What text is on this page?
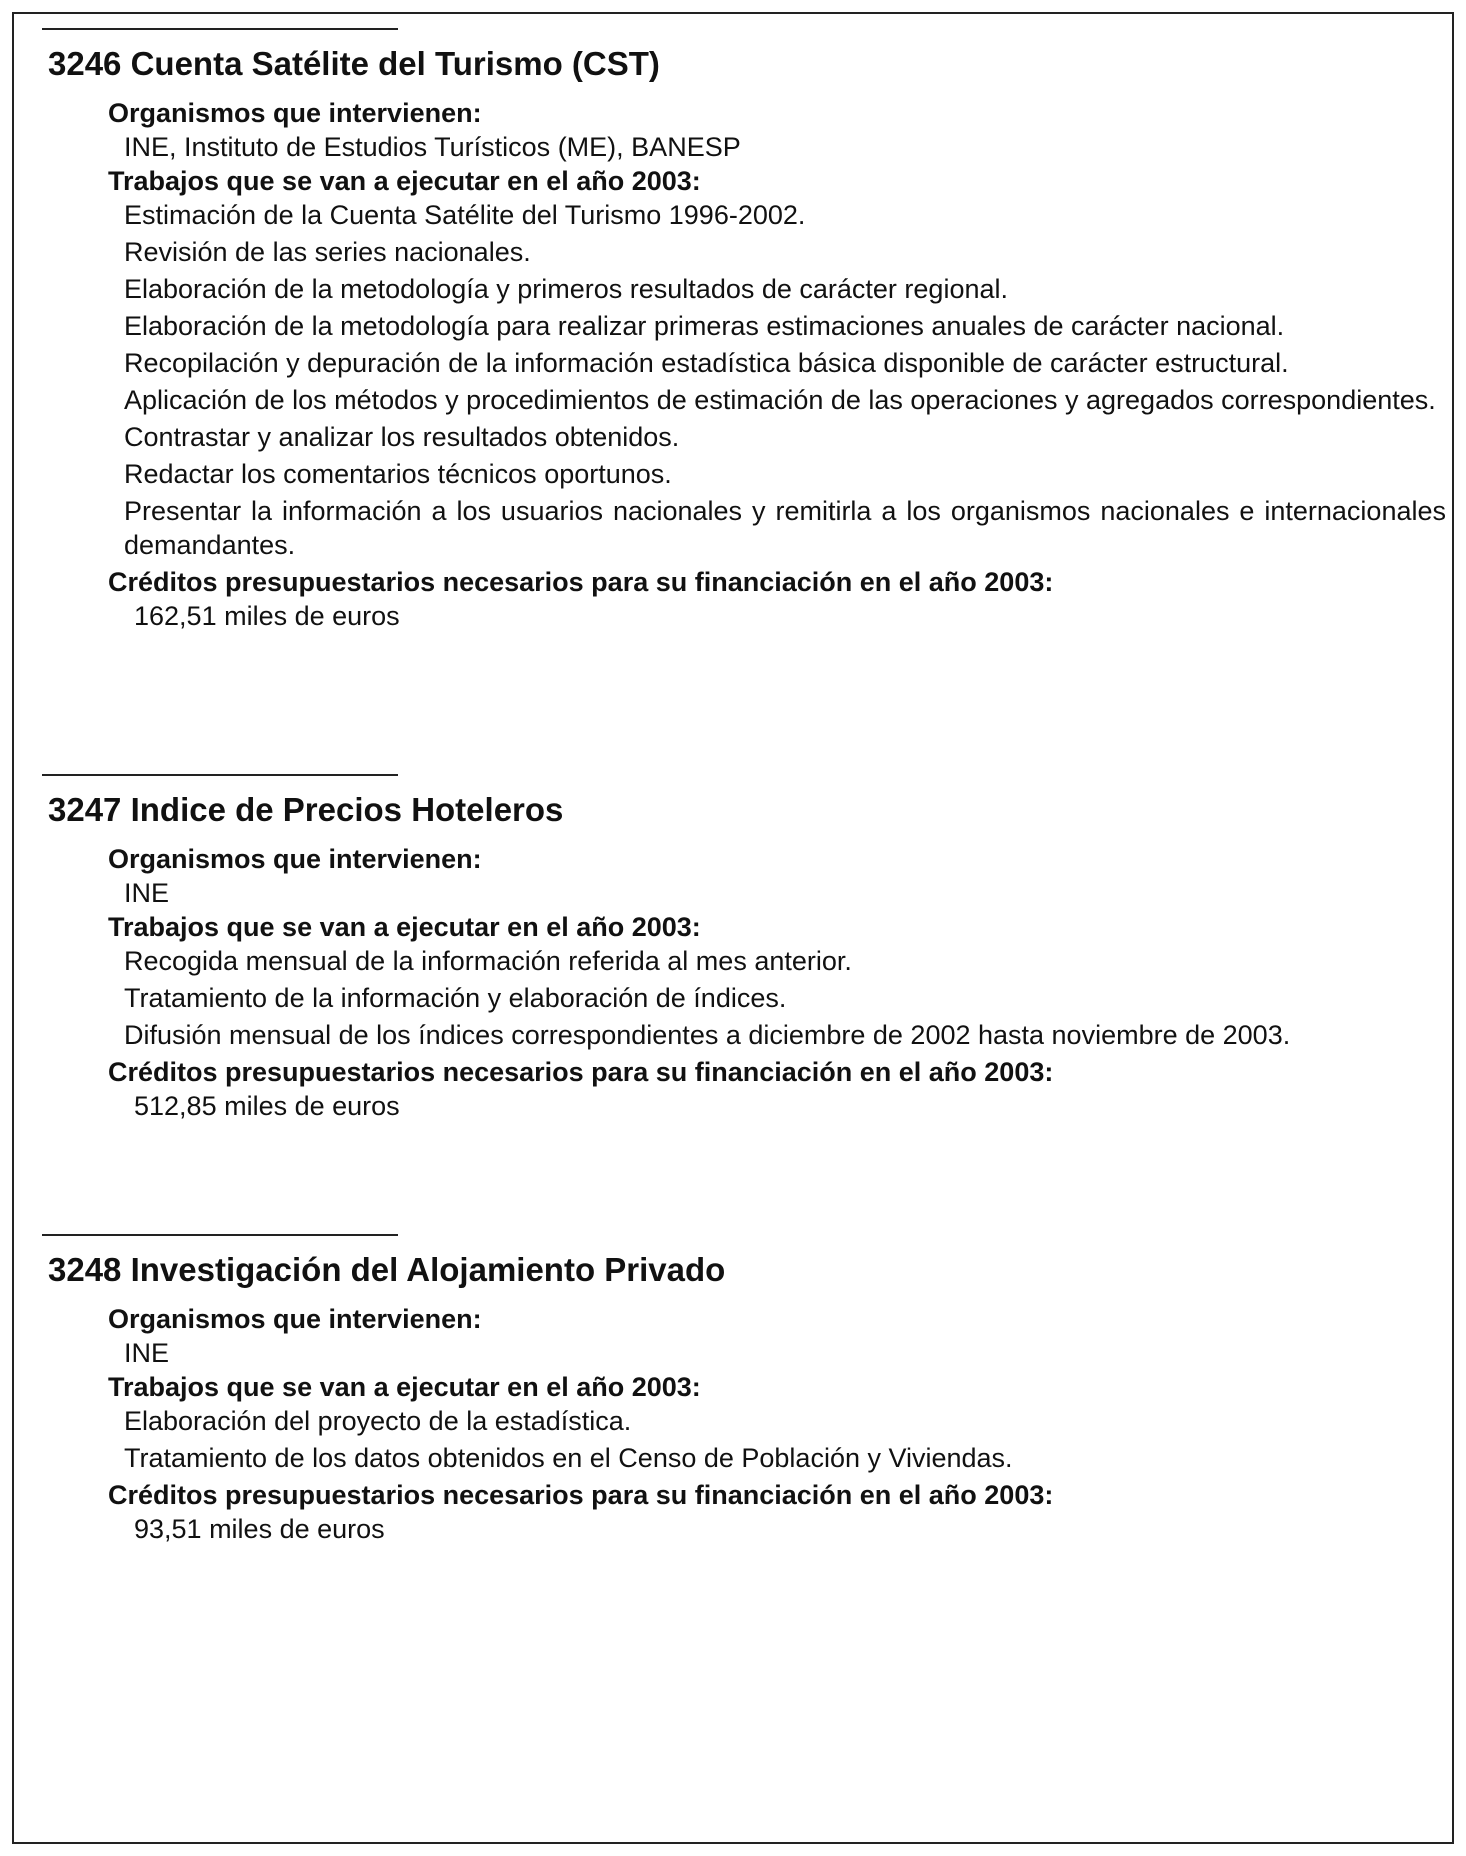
3246 Cuenta Satélite del Turismo (CST)
Organismos que intervienen:
INE, Instituto de Estudios Turísticos (ME), BANESP
Trabajos que se van a ejecutar en el año 2003:
Estimación de la Cuenta Satélite del Turismo 1996-2002.
Revisión de las series nacionales.
Elaboración de la metodología y primeros resultados de carácter regional.
Elaboración de la metodología para realizar primeras estimaciones anuales de carácter nacional.
Recopilación y depuración de la información estadística básica disponible de carácter estructural.
Aplicación de los métodos y procedimientos de estimación de las operaciones y agregados correspondientes.
Contrastar y analizar los resultados obtenidos.
Redactar los comentarios técnicos oportunos.
Presentar la información a los usuarios nacionales y remitirla a los organismos nacionales e internacionales demandantes.
Créditos presupuestarios necesarios para su financiación en el año 2003:
162,51 miles de euros
3247 Indice de Precios Hoteleros
Organismos que intervienen:
INE
Trabajos que se van a ejecutar en el año 2003:
Recogida mensual de la información referida al mes anterior.
Tratamiento de la información y elaboración de índices.
Difusión mensual de los índices correspondientes a diciembre de 2002 hasta noviembre de 2003.
Créditos presupuestarios necesarios para su financiación en el año 2003:
512,85 miles de euros
3248 Investigación del Alojamiento Privado
Organismos que intervienen:
INE
Trabajos que se van a ejecutar en el año 2003:
Elaboración del proyecto de la estadística.
Tratamiento de los datos obtenidos en el Censo de Población y Viviendas.
Créditos presupuestarios necesarios para su financiación en el año 2003:
93,51 miles de euros
